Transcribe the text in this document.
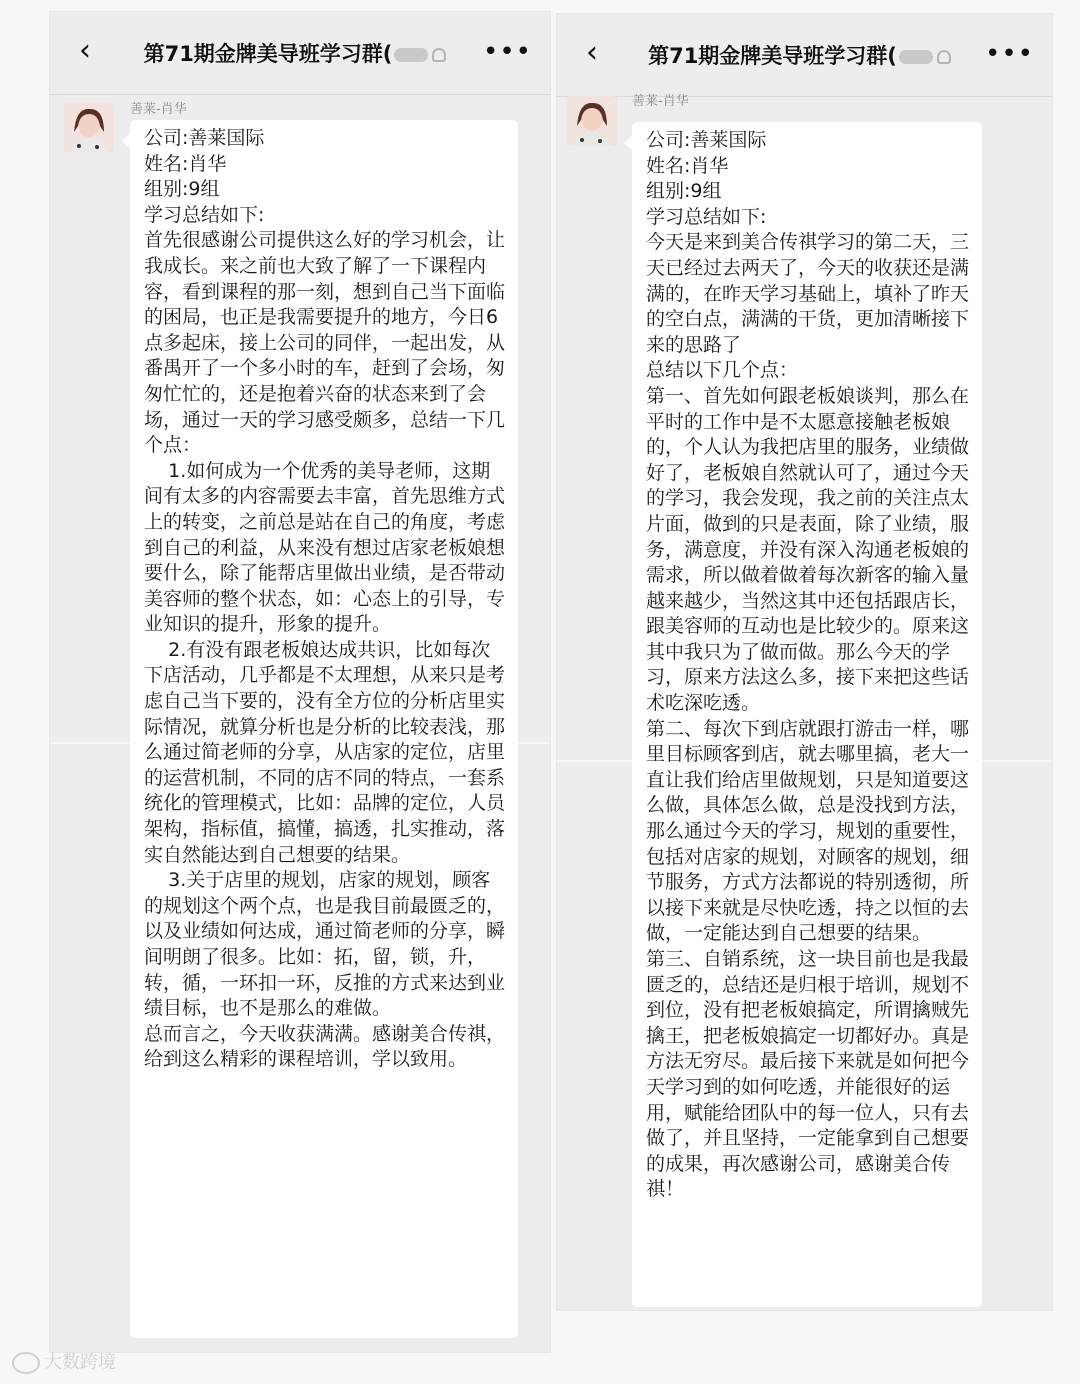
‹	第71期金牌美导班学习群(	•••
善莱-肖华
公司:善莱国际
姓名:肖华
组别:9组
学习总结如下:
首先很感谢公司提供这么好的学习机会，让我成长。来之前也大致了解了一下课程内容，看到课程的那一刻，想到自己当下面临的困局，也正是我需要提升的地方，今日6点多起床，接上公司的同伴，一起出发，从番禺开了一个多小时的车，赶到了会场，匆匆忙忙的，还是抱着兴奋的状态来到了会场，通过一天的学习感受颇多，总结一下几个点：
1.如何成为一个优秀的美导老师，这期间有太多的内容需要去丰富，首先思维方式上的转变，之前总是站在自己的角度，考虑到自己的利益，从来没有想过店家老板娘想要什么，除了能帮店里做出业绩，是否带动美容师的整个状态，如：心态上的引导，专业知识的提升，形象的提升。
2.有没有跟老板娘达成共识，比如每次下店活动，几乎都是不太理想，从来只是考虑自己当下要的，没有全方位的分析店里实际情况，就算分析也是分析的比较表浅，那么通过简老师的分享，从店家的定位，店里的运营机制，不同的店不同的特点，一套系统化的管理模式，比如：品牌的定位，人员架构，指标值，搞懂，搞透，扎实推动，落实自然能达到自己想要的结果。
3.关于店里的规划，店家的规划，顾客的规划这个两个点，也是我目前最匮乏的，以及业绩如何达成，通过简老师的分享，瞬间明朗了很多。比如：拓，留，锁，升，转，循，一环扣一环，反推的方式来达到业绩目标，也不是那么的难做。
总而言之，今天收获满满。感谢美合传祺，给到这么精彩的课程培训，学以致用。
‹	第71期金牌美导班学习群(	•••
善莱-肖华
公司:善莱国际
姓名:肖华
组别:9组
学习总结如下:
今天是来到美合传祺学习的第二天，三天已经过去两天了，今天的收获还是满满的，在昨天学习基础上，填补了昨天的空白点，满满的干货，更加清晰接下来的思路了
总结以下几个点：
第一、首先如何跟老板娘谈判，那么在平时的工作中是不太愿意接触老板娘的，个人认为我把店里的服务，业绩做好了，老板娘自然就认可了，通过今天的学习，我会发现，我之前的关注点太片面，做到的只是表面，除了业绩，服务，满意度，并没有深入沟通老板娘的需求，所以做着做着每次新客的输入量越来越少，当然这其中还包括跟店长，跟美容师的互动也是比较少的。原来这其中我只为了做而做。那么今天的学习，原来方法这么多，接下来把这些话术吃深吃透。
第二、每次下到店就跟打游击一样，哪里目标顾客到店，就去哪里搞，老大一直让我们给店里做规划，只是知道要这么做，具体怎么做，总是没找到方法，那么通过今天的学习，规划的重要性，包括对店家的规划，对顾客的规划，细节服务，方式方法都说的特别透彻，所以接下来就是尽快吃透，持之以恒的去做，一定能达到自己想要的结果。
第三、自销系统，这一块目前也是我最匮乏的，总结还是归根于培训，规划不到位，没有把老板娘搞定，所谓擒贼先擒王，把老板娘搞定一切都好办。真是方法无穷尽。最后接下来就是如何把今天学习到的如何吃透，并能很好的运用，赋能给团队中的每一位人，只有去做了，并且坚持，一定能拿到自己想要的成果，再次感谢公司，感谢美合传祺！
大数跨境
